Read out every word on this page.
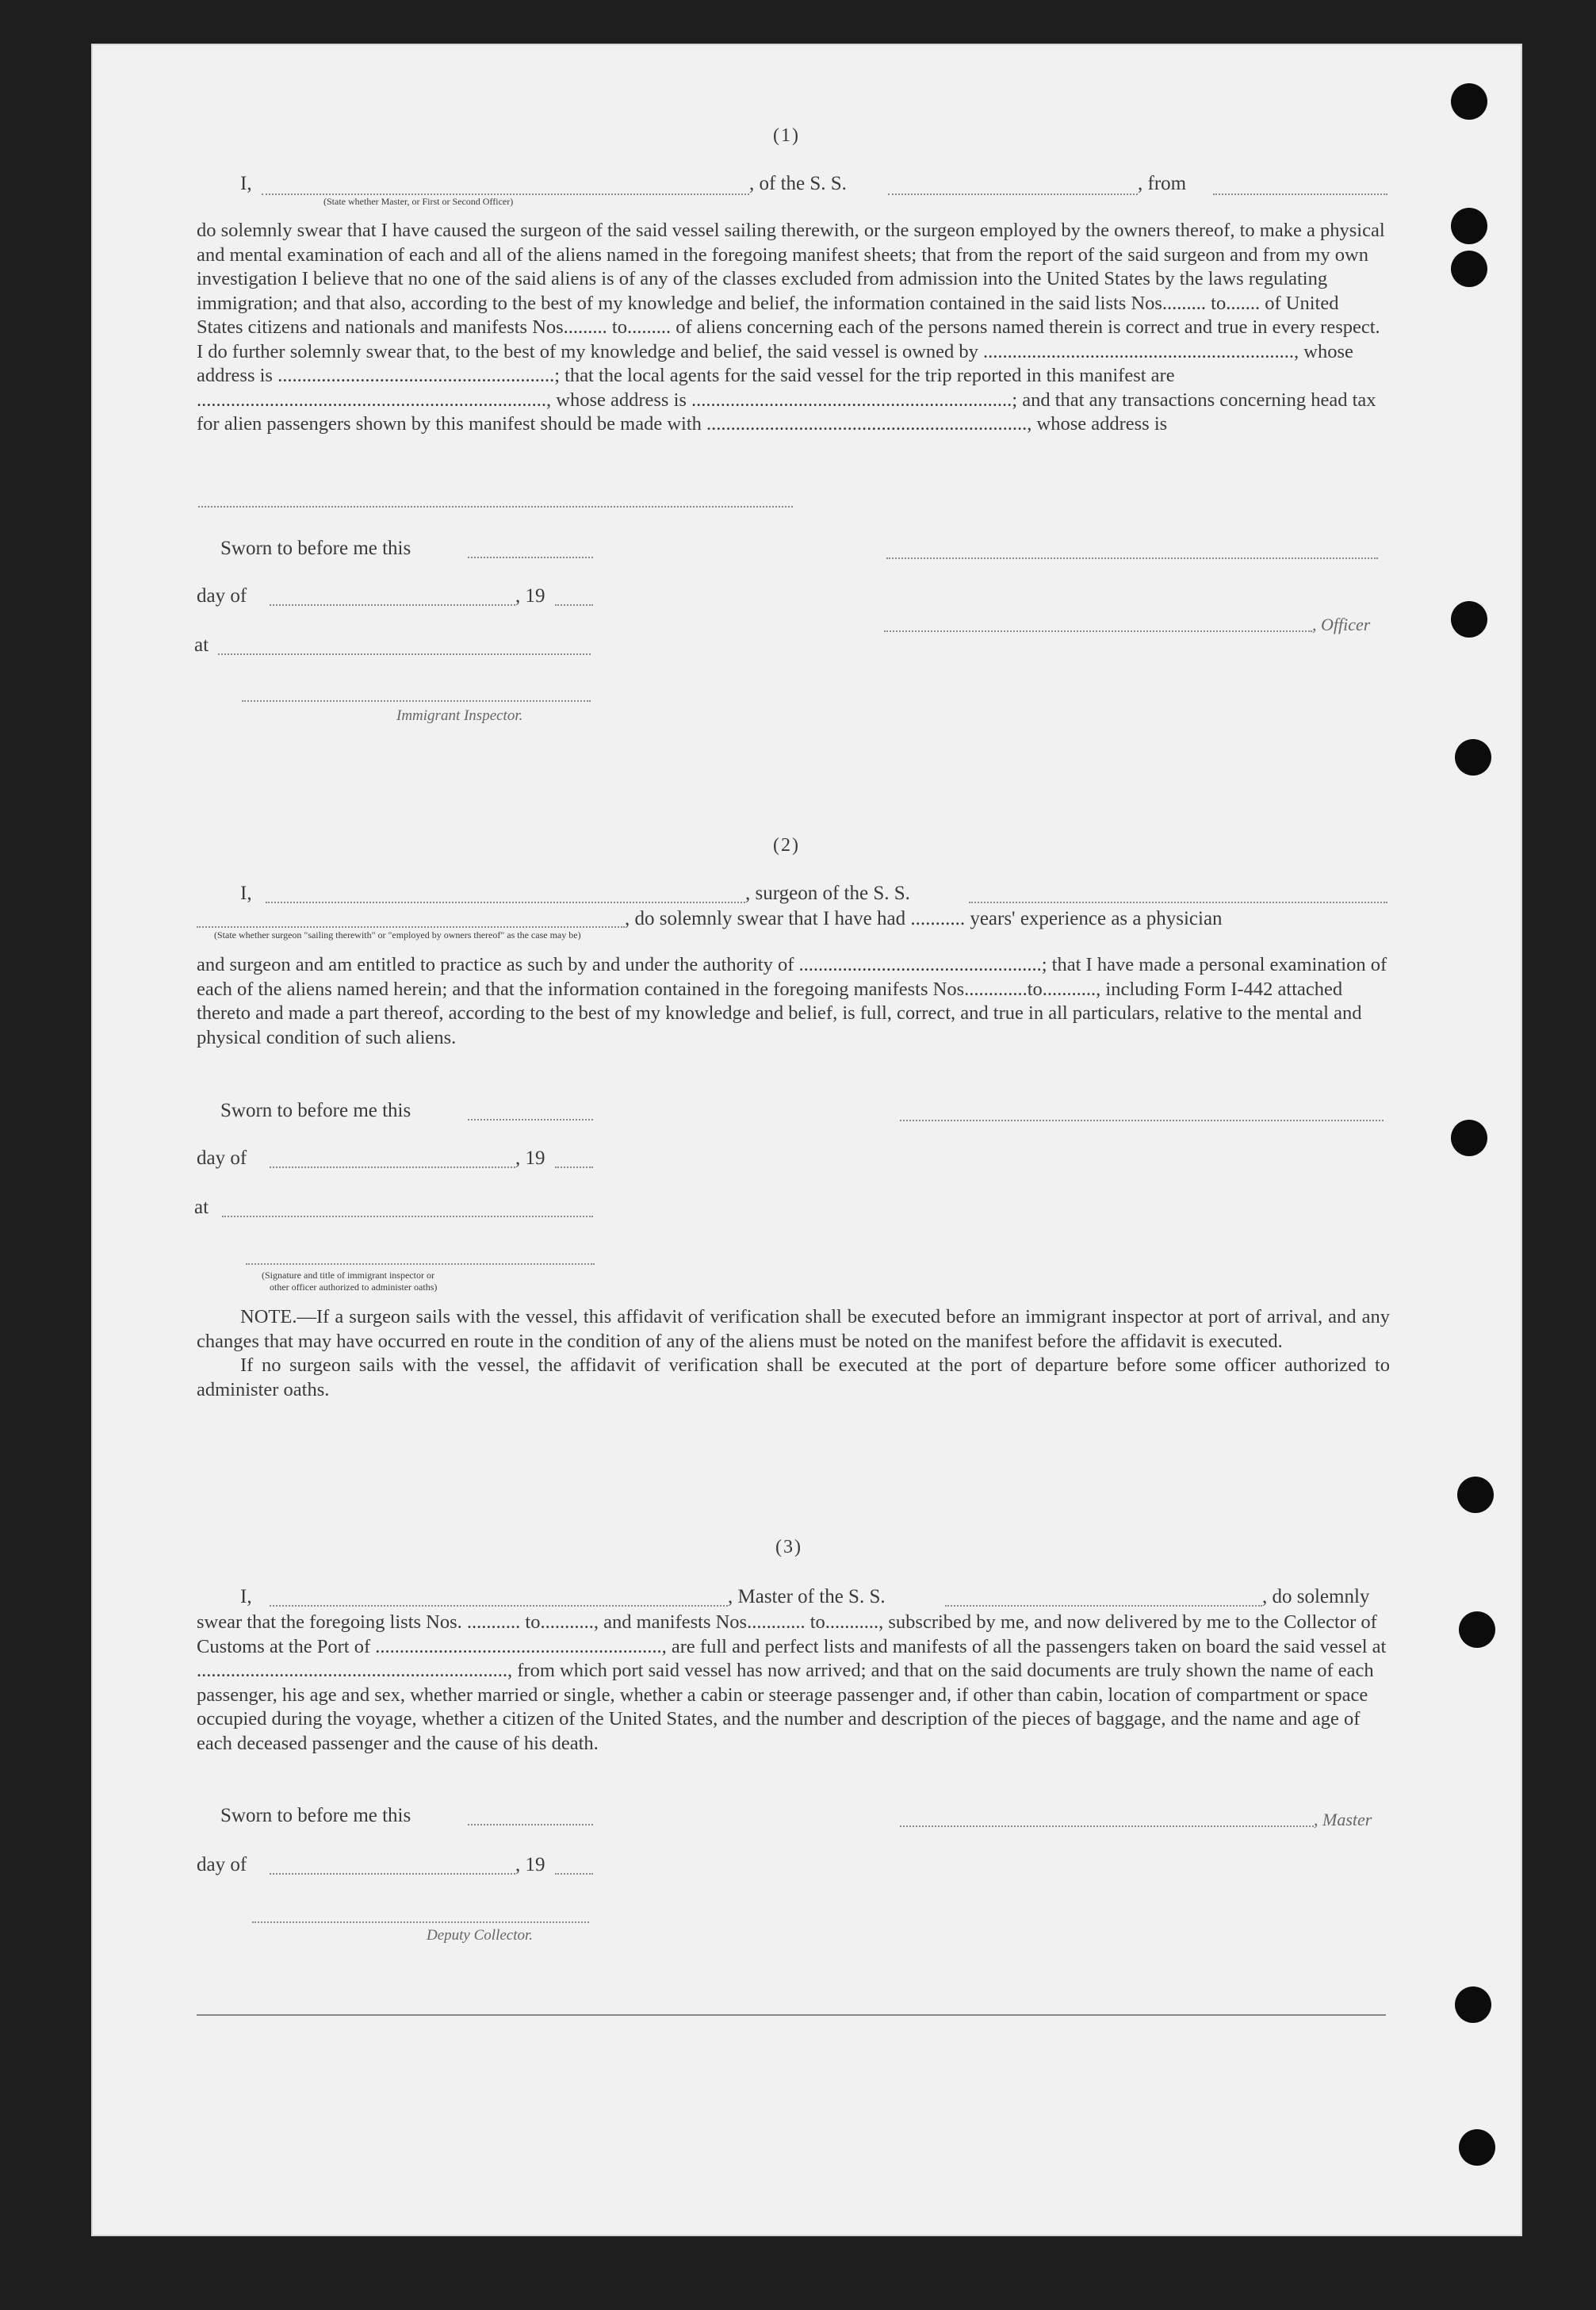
(1)
I,
(State whether Master, or First or Second Officer)
, of the S. S.	, from
do solemnly swear that I have caused the surgeon of the said vessel sailing therewith, or the surgeon employed by the owners thereof, to make a physical and mental examination of each and all of the aliens named in the foregoing manifest sheets; that from the report of the said surgeon and from my own investigation I believe that no one of the said aliens is of any of the classes excluded from admission into the United States by the laws regulating immigration; and that also, according to the best of my knowledge and belief, the information contained in the said lists Nos......... to....... of United States citizens and nationals and manifests Nos......... to......... of aliens concerning each of the persons named therein is correct and true in every respect. I do further solemnly swear that, to the best of my knowledge and belief, the said vessel is owned by ................................................................, whose address is .........................................................; that the local agents for the said vessel for the trip reported in this manifest are ........................................................................, whose address is ..................................................................; and that any transactions concerning head tax for alien passengers shown by this manifest should be made with .................................................................., whose address is
Sworn to before me this
day of	, 19
, Officer
at
Immigrant Inspector.
(2)
I,	, surgeon of the S. S.
, do solemnly swear that I have had ........... years' experience as a physician
(State whether surgeon "sailing therewith" or "employed by owners thereof" as the case may be)
and surgeon and am entitled to practice as such by and under the authority of ..................................................; that I have made a personal examination of each of the aliens named herein; and that the information contained in the foregoing manifests Nos.............to..........., including Form I-442 attached thereto and made a part thereof, according to the best of my knowledge and belief, is full, correct, and true in all particulars, relative to the mental and physical condition of such aliens.
Sworn to before me this
day of	, 19
at
(Signature and title of immigrant inspector or
other officer authorized to administer oaths)
NOTE.—If a surgeon sails with the vessel, this affidavit of verification shall be executed before an immigrant inspector at port of arrival, and any changes that may have occurred en route in the condition of any of the aliens must be noted on the manifest before the affidavit is executed.
If no surgeon sails with the vessel, the affidavit of verification shall be executed at the port of departure before some officer authorized to administer oaths.
(3)
I,	, Master of the S. S.	, do solemnly
swear that the foregoing lists Nos. ........... to..........., and manifests Nos............ to..........., subscribed by me, and now delivered by me to the Collector of Customs at the Port of ..........................................................., are full and perfect lists and manifests of all the passengers taken on board the said vessel at ................................................................, from which port said vessel has now arrived; and that on the said documents are truly shown the name of each passenger, his age and sex, whether married or single, whether a cabin or steerage passenger and, if other than cabin, location of compartment or space occupied during the voyage, whether a citizen of the United States, and the number and description of the pieces of baggage, and the name and age of each deceased passenger and the cause of his death.
Sworn to before me this	, Master
day of	, 19
Deputy Collector.
